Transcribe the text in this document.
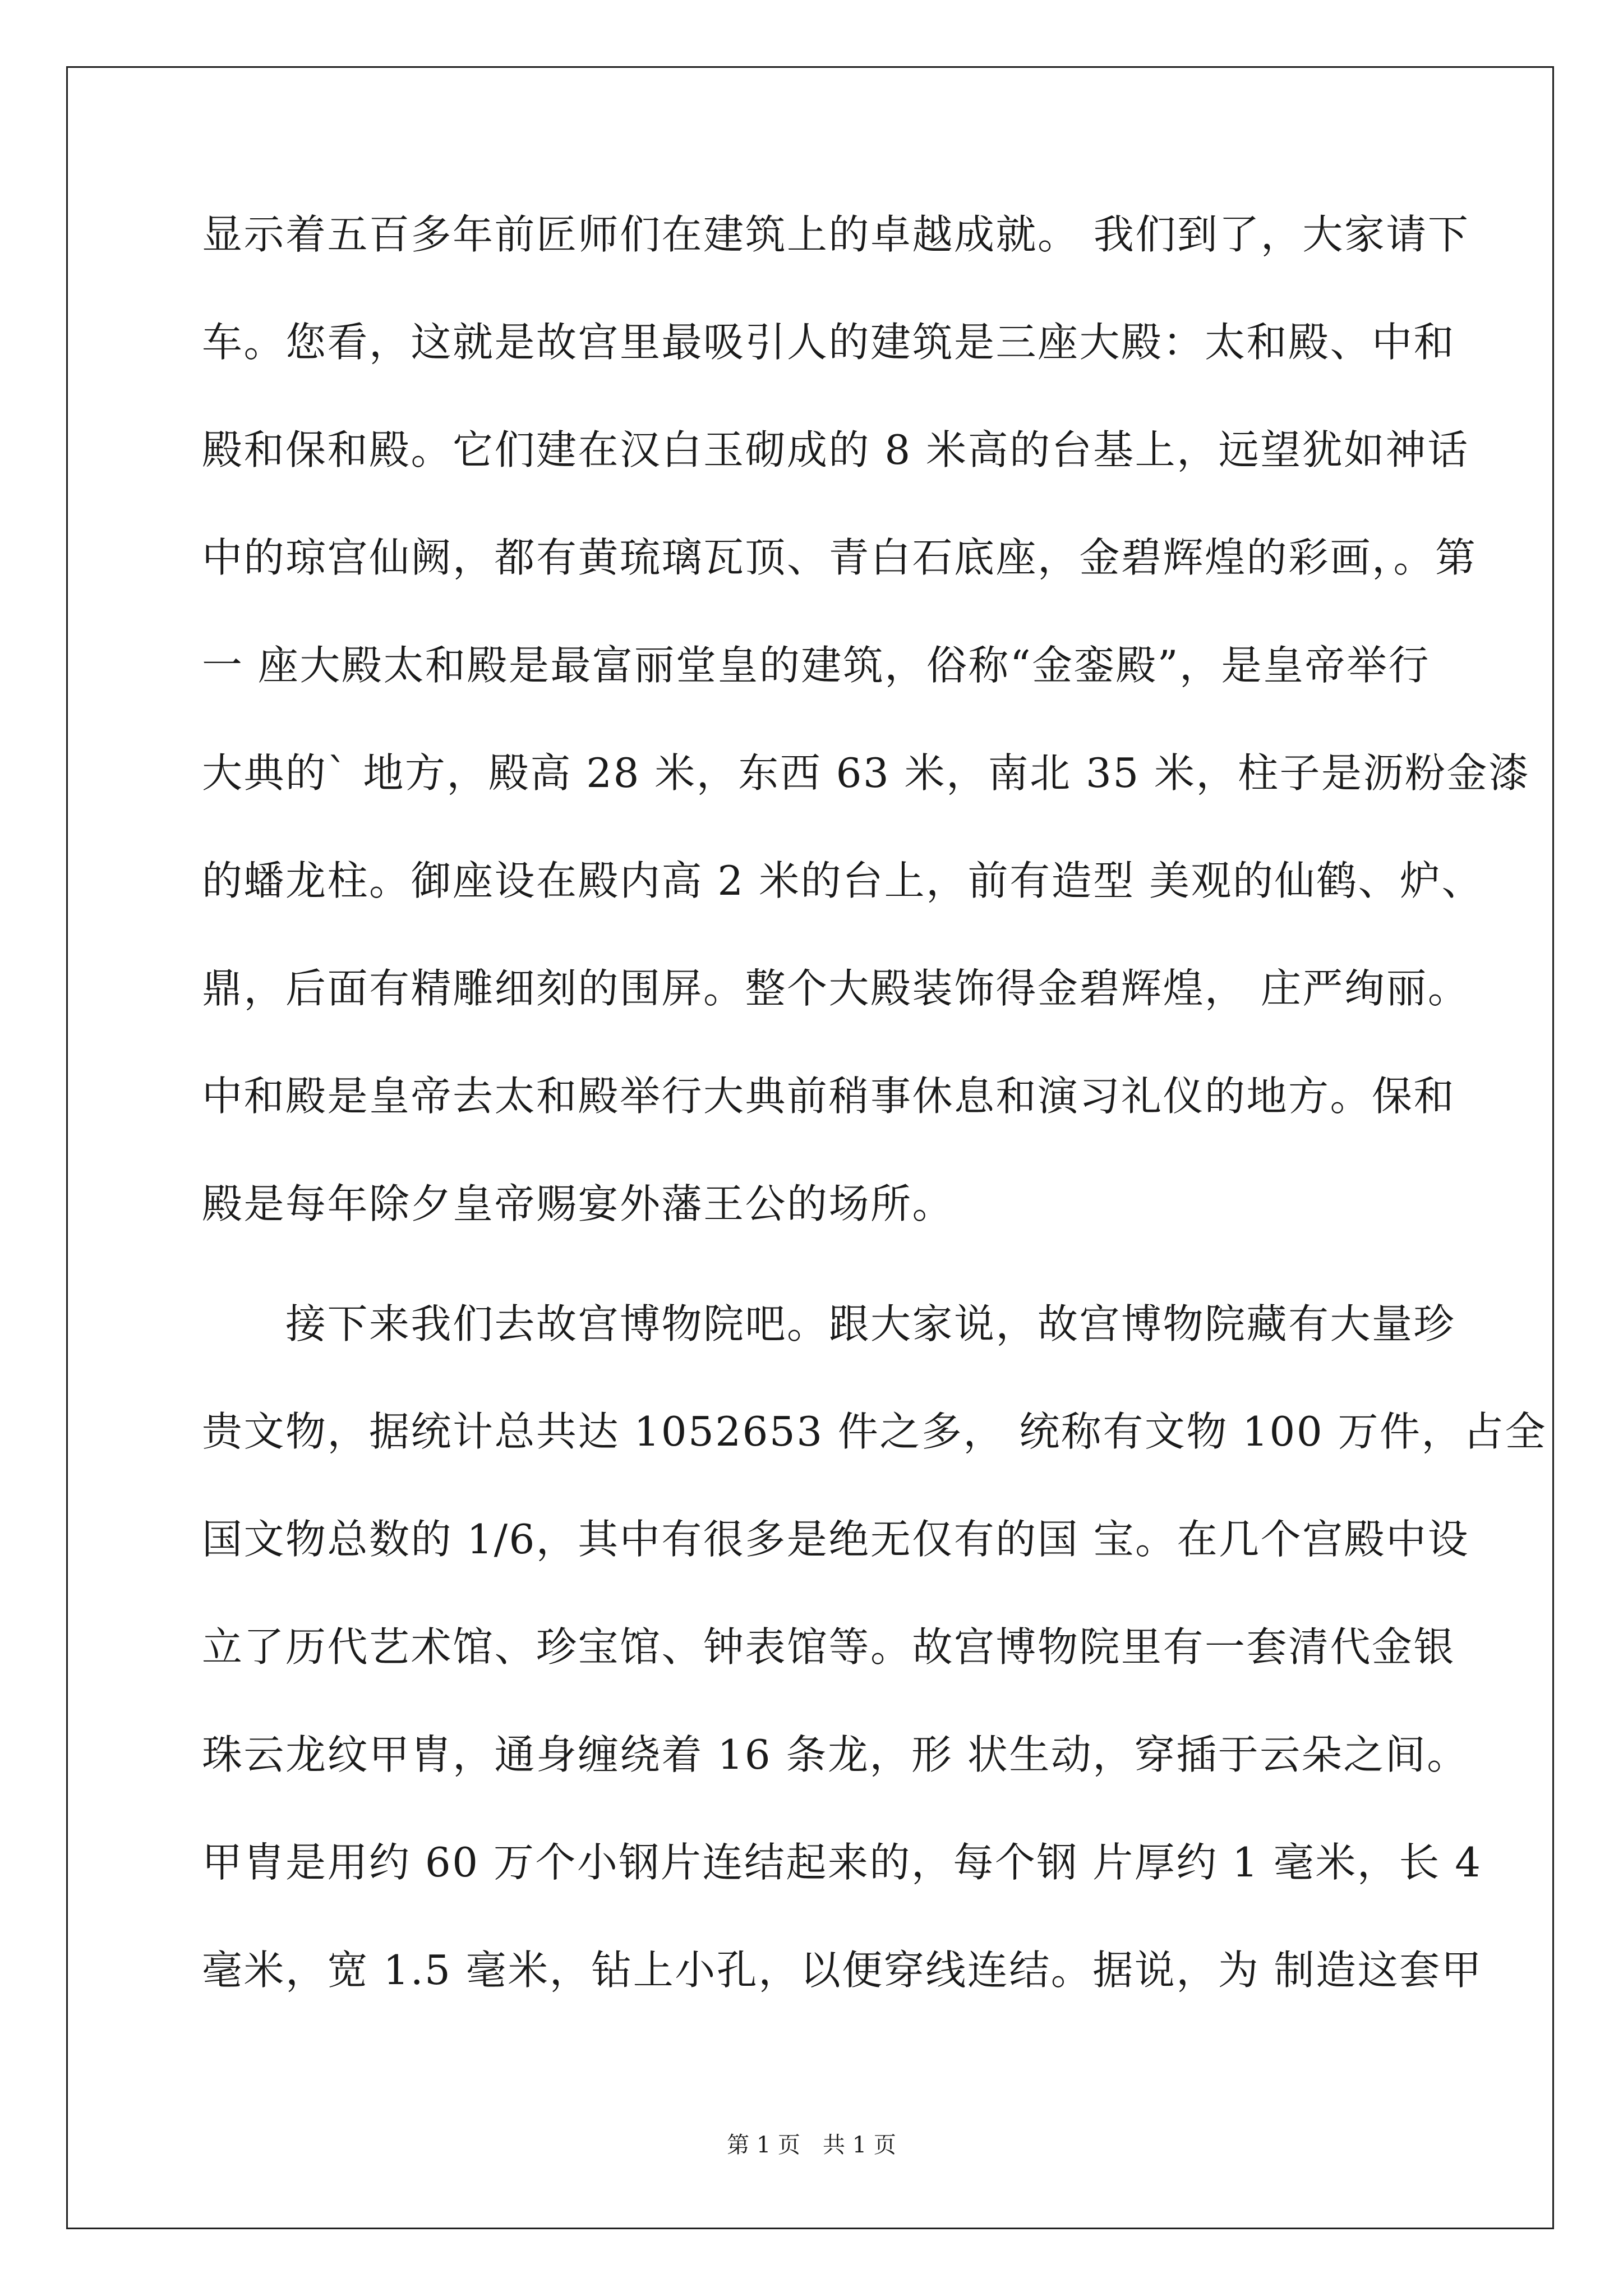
显示着五百多年前匠师们在建筑上的卓越成就。 我们到了，大家请下
车。您看，这就是故宫里最吸引人的建筑是三座大殿：太和殿、中和
殿和保和殿。它们建在汉白玉砌成的 8 米高的台基上，远望犹如神话
中的琼宫仙阙，都有黄琉璃瓦顶、青白石底座，金碧辉煌的彩画，。第
一 座大殿太和殿是最富丽堂皇的建筑，俗称“金銮殿”，是皇帝举行
大典的` 地方，殿高 28 米，东西 63 米，南北 35 米，柱子是沥粉金漆
的蟠龙柱。御座设在殿内高 2 米的台上，前有造型 美观的仙鹤、炉、
鼎，后面有精雕细刻的围屏。整个大殿装饰得金碧辉煌， 庄严绚丽。
中和殿是皇帝去太和殿举行大典前稍事休息和演习礼仪的地方。保和
殿是每年除夕皇帝赐宴外藩王公的场所。
　　接下来我们去故宫博物院吧。跟大家说，故宫博物院藏有大量珍
贵文物，据统计总共达 1052653 件之多， 统称有文物 100 万件，占全
国文物总数的 1/6，其中有很多是绝无仅有的国 宝。在几个宫殿中设
立了历代艺术馆、珍宝馆、钟表馆等。故宫博物院里有一套清代金银
珠云龙纹甲胄，通身缠绕着 16 条龙，形 状生动，穿插于云朵之间。
甲胄是用约 60 万个小钢片连结起来的，每个钢 片厚约 1 毫米，长 4
毫米，宽 1.5 毫米，钻上小孔，以便穿线连结。据说，为 制造这套甲
第 1 页　共 1 页
